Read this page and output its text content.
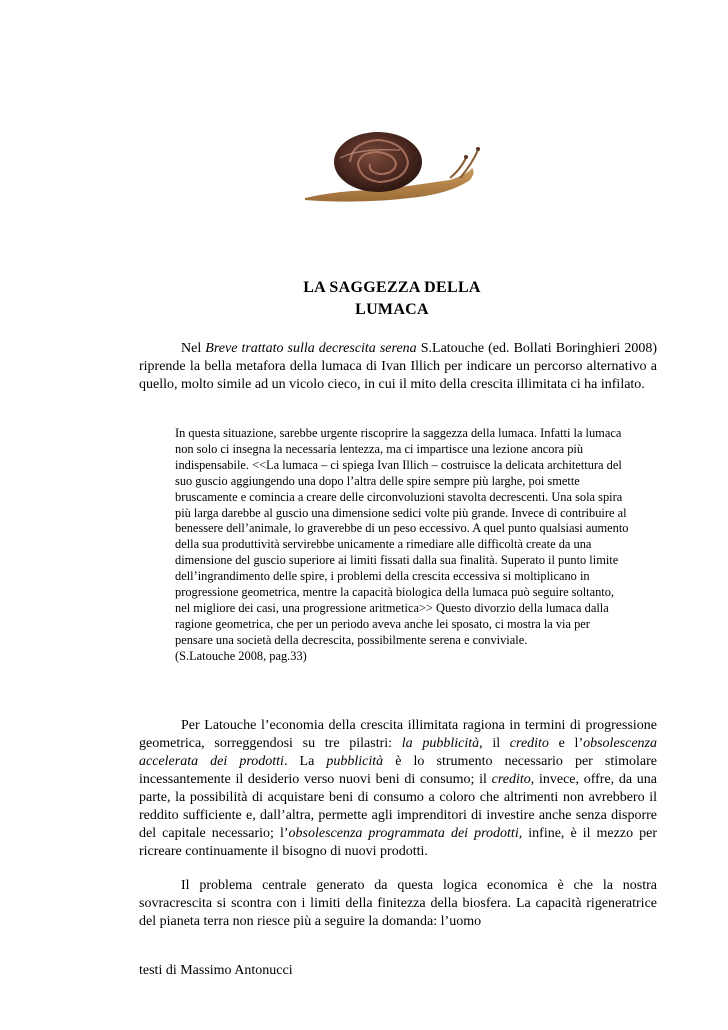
LA SAGGEZZA DELLA
LUMACA

Nel Breve trattato sulla decrescita serena S.Latouche (ed. Bollati Boringhieri 2008) riprende la bella metafora della lumaca di Ivan Illich per indicare un percorso alternativo a quello, molto simile ad un vicolo cieco, in cui il mito della crescita illimitata ci ha infilato.

In questa situazione, sarebbe urgente riscoprire la saggezza della lumaca. Infatti la lumaca non solo ci insegna la necessaria lentezza, ma ci impartisce una lezione ancora più indispensabile. <<La lumaca – ci spiega Ivan Illich – costruisce la delicata architettura del suo guscio aggiungendo una dopo l’altra delle spire sempre più larghe, poi smette bruscamente e comincia a creare delle circonvoluzioni stavolta decrescenti. Una sola spira più larga darebbe al guscio una dimensione sedici volte più grande. Invece di contribuire al benessere dell’animale, lo graverebbe di un peso eccessivo. A quel punto qualsiasi aumento della sua produttività servirebbe unicamente a rimediare alle difficoltà create da una dimensione del guscio superiore ai limiti fissati dalla sua finalità. Superato il punto limite dell’ingrandimento delle spire, i problemi della crescita eccessiva si moltiplicano in progressione geometrica, mentre la capacità biologica della lumaca può seguire soltanto, nel migliore dei casi, una progressione aritmetica>> Questo divorzio della lumaca dalla ragione geometrica, che per un periodo aveva anche lei sposato, ci mostra la via per pensare una società della decrescita, possibilmente serena e conviviale.
(S.Latouche 2008, pag.33)

Per Latouche l’economia della crescita illimitata ragiona in termini di progressione geometrica, sorreggendosi su tre pilastri: la pubblicità, il credito e l’obsolescenza accelerata dei prodotti. La pubblicità è lo strumento necessario per stimolare incessantemente il desiderio verso nuovi beni di consumo; il credito, invece, offre, da una parte, la possibilità di acquistare beni di consumo a coloro che altrimenti non avrebbero il reddito sufficiente e, dall’altra, permette agli imprenditori di investire anche senza disporre del capitale necessario; l’obsolescenza programmata dei prodotti, infine, è il mezzo per ricreare continuamente il bisogno di nuovi prodotti.

Il problema centrale generato da questa logica economica è che la nostra sovracrescita si scontra con i limiti della finitezza della biosfera. La capacità rigeneratrice del pianeta terra non riesce più a seguire la domanda: l’uomo

testi di Massimo Antonucci
